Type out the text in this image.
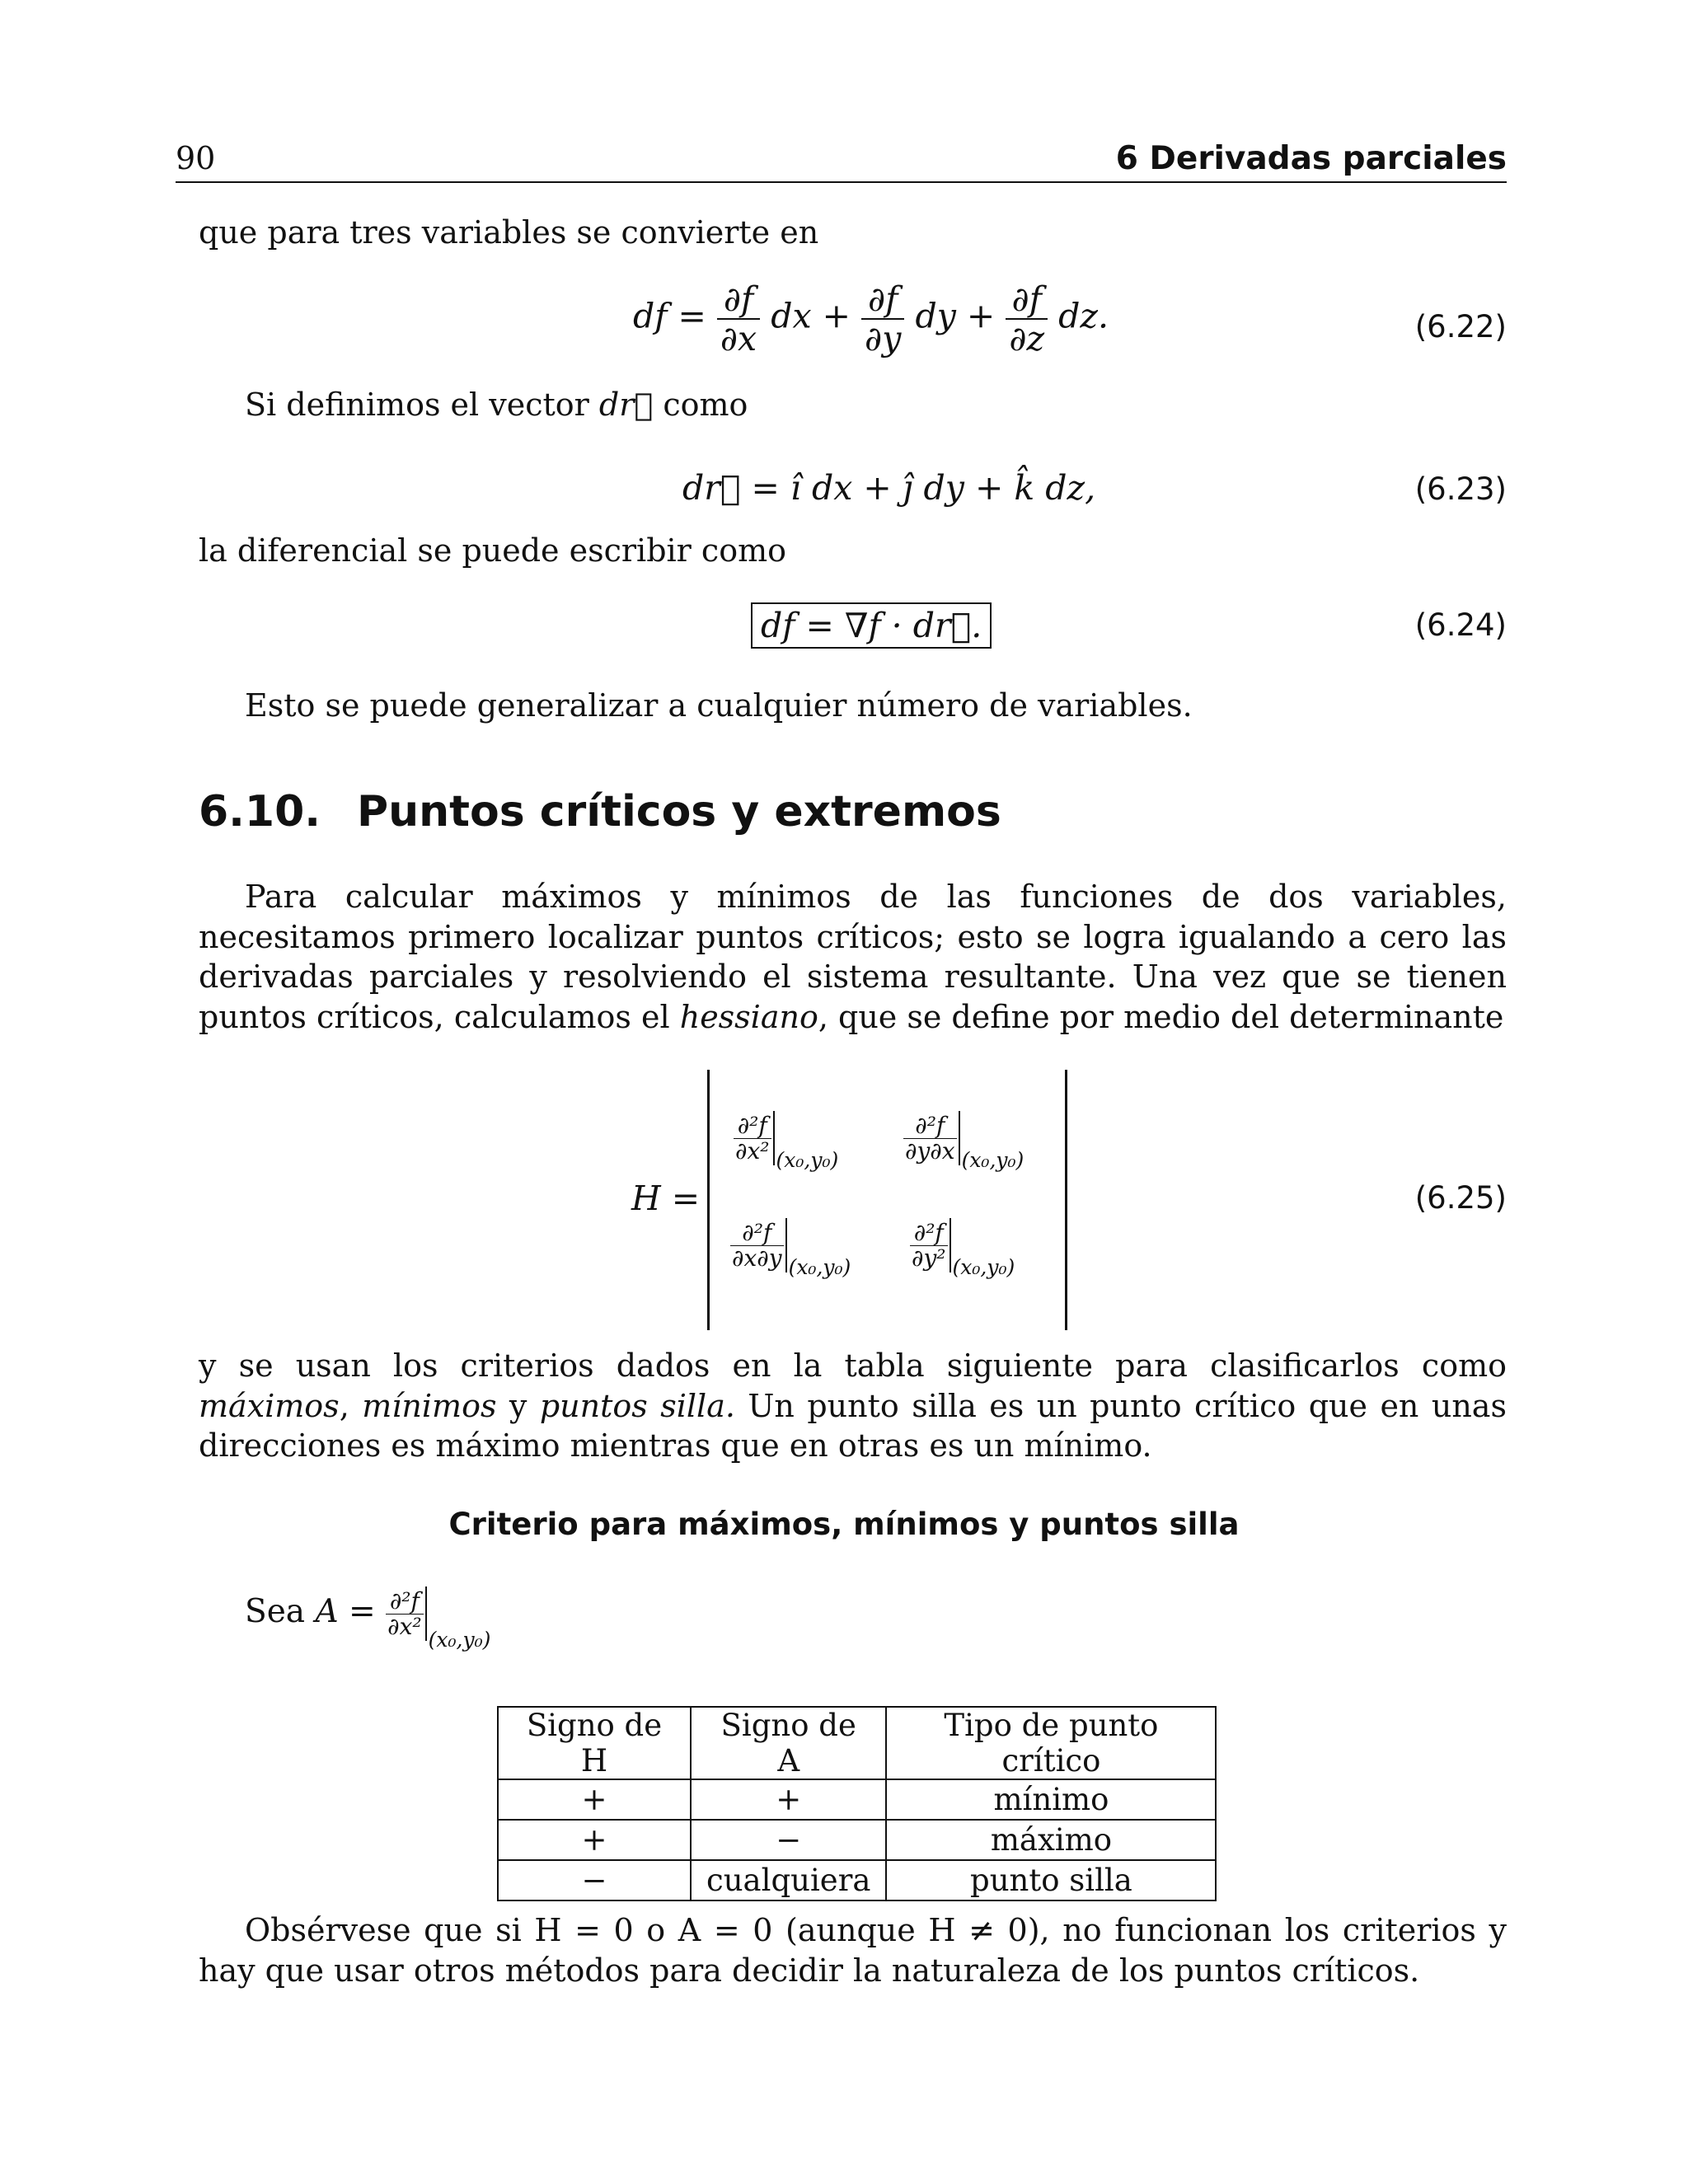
90	6 Derivadas parciales
que para tres variables se convierte en
df = $\frac{\partial f}{\partial x}$ dx + $\frac{\partial f}{\partial y}$ dy + $\frac{\partial f}{\partial z}$ dz.	(6.22)
Si definimos el vector dr⃗ como
dr⃗ = î dx + ĵ dy + k̂ dz,	(6.23)
la diferencial se puede escribir como
df = ∇f · dr⃗.	(6.24)
Esto se puede generalizar a cualquier número de variables.
6.10. Puntos críticos y extremos
Para calcular máximos y mínimos de las funciones de dos variables, necesitamos primero localizar puntos críticos; esto se logra igualando a cero las derivadas parciales y resolviendo el sistema resultante. Una vez que se tienen puntos críticos, calculamos el hessiano, que se define por medio del determinante
H =
$\frac{\text{∂²f}}{\text{∂x²}} (x_0,y_0)$	$\frac{\text{∂²f}}{\partial y\partial x} (x_0,y_0)$
$\frac{\text{∂²f}}{\partial x\partial y} (x_0,y_0)$	$\frac{\text{∂²f}}{\text{∂y²}} (x_0,y_0)$
(6.25)
y se usan los criterios dados en la tabla siguiente para clasificarlos como máximos, mínimos y puntos silla. Un punto silla es un punto crítico que en unas direcciones es máximo mientras que en otras es un mínimo.
Criterio para máximos, mínimos y puntos silla
Sea $A = \frac{\text{∂²f}}{\text{∂x²}}$
$_{(x_0,y_0)}$
Signo de H	Signo de A	Tipo de punto crítico
+	+	mínimo
+	−	máximo
−	cualquiera	punto silla
Obsérvese que si H = 0 o A = 0 (aunque H ≠ 0), no funcionan los criterios y hay que usar otros métodos para decidir la naturaleza de los puntos críticos.
